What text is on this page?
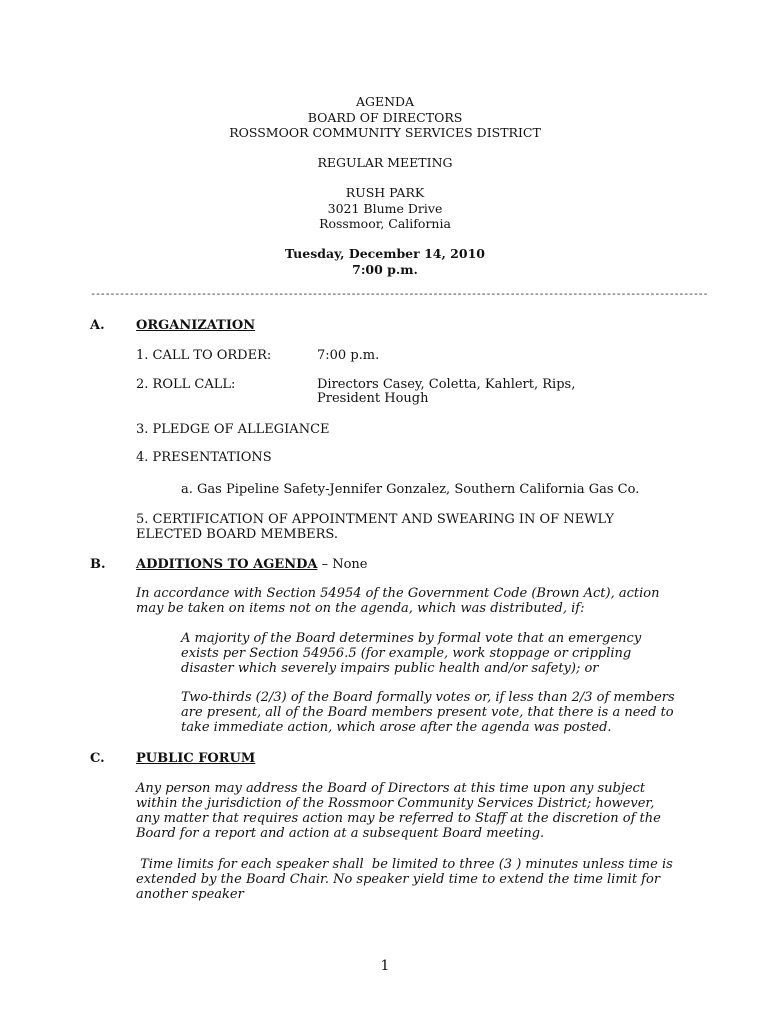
AGENDA
BOARD OF DIRECTORS
ROSSMOOR COMMUNITY SERVICES DISTRICT
REGULAR MEETING
RUSH PARK
3021 Blume Drive
Rossmoor, California
Tuesday, December 14, 2010
7:00 p.m.
--------------------------------------------------------------------------------------------------------------------------------
A. ORGANIZATION
1. CALL TO ORDER:	7:00 p.m.
2. ROLL CALL:	Directors Casey, Coletta, Kahlert, Rips,
President Hough
3. PLEDGE OF ALLEGIANCE
4. PRESENTATIONS
a. Gas Pipeline Safety-Jennifer Gonzalez, Southern California Gas Co.
5. CERTIFICATION OF APPOINTMENT AND SWEARING IN OF NEWLY ELECTED BOARD MEMBERS.
B. ADDITIONS TO AGENDA – None
In accordance with Section 54954 of the Government Code (Brown Act), action may be taken on items not on the agenda, which was distributed, if:
A majority of the Board determines by formal vote that an emergency exists per Section 54956.5 (for example, work stoppage or crippling disaster which severely impairs public health and/or safety); or
Two-thirds (2/3) of the Board formally votes or, if less than 2/3 of members are present, all of the Board members present vote, that there is a need to take immediate action, which arose after the agenda was posted.
C. PUBLIC FORUM
Any person may address the Board of Directors at this time upon any subject within the jurisdiction of the Rossmoor Community Services District; however, any matter that requires action may be referred to Staff at the discretion of the Board for a report and action at a subsequent Board meeting.
Time limits for each speaker shall  be limited to three (3 ) minutes unless time is extended by the Board Chair. No speaker yield time to extend the time limit for another speaker
1
